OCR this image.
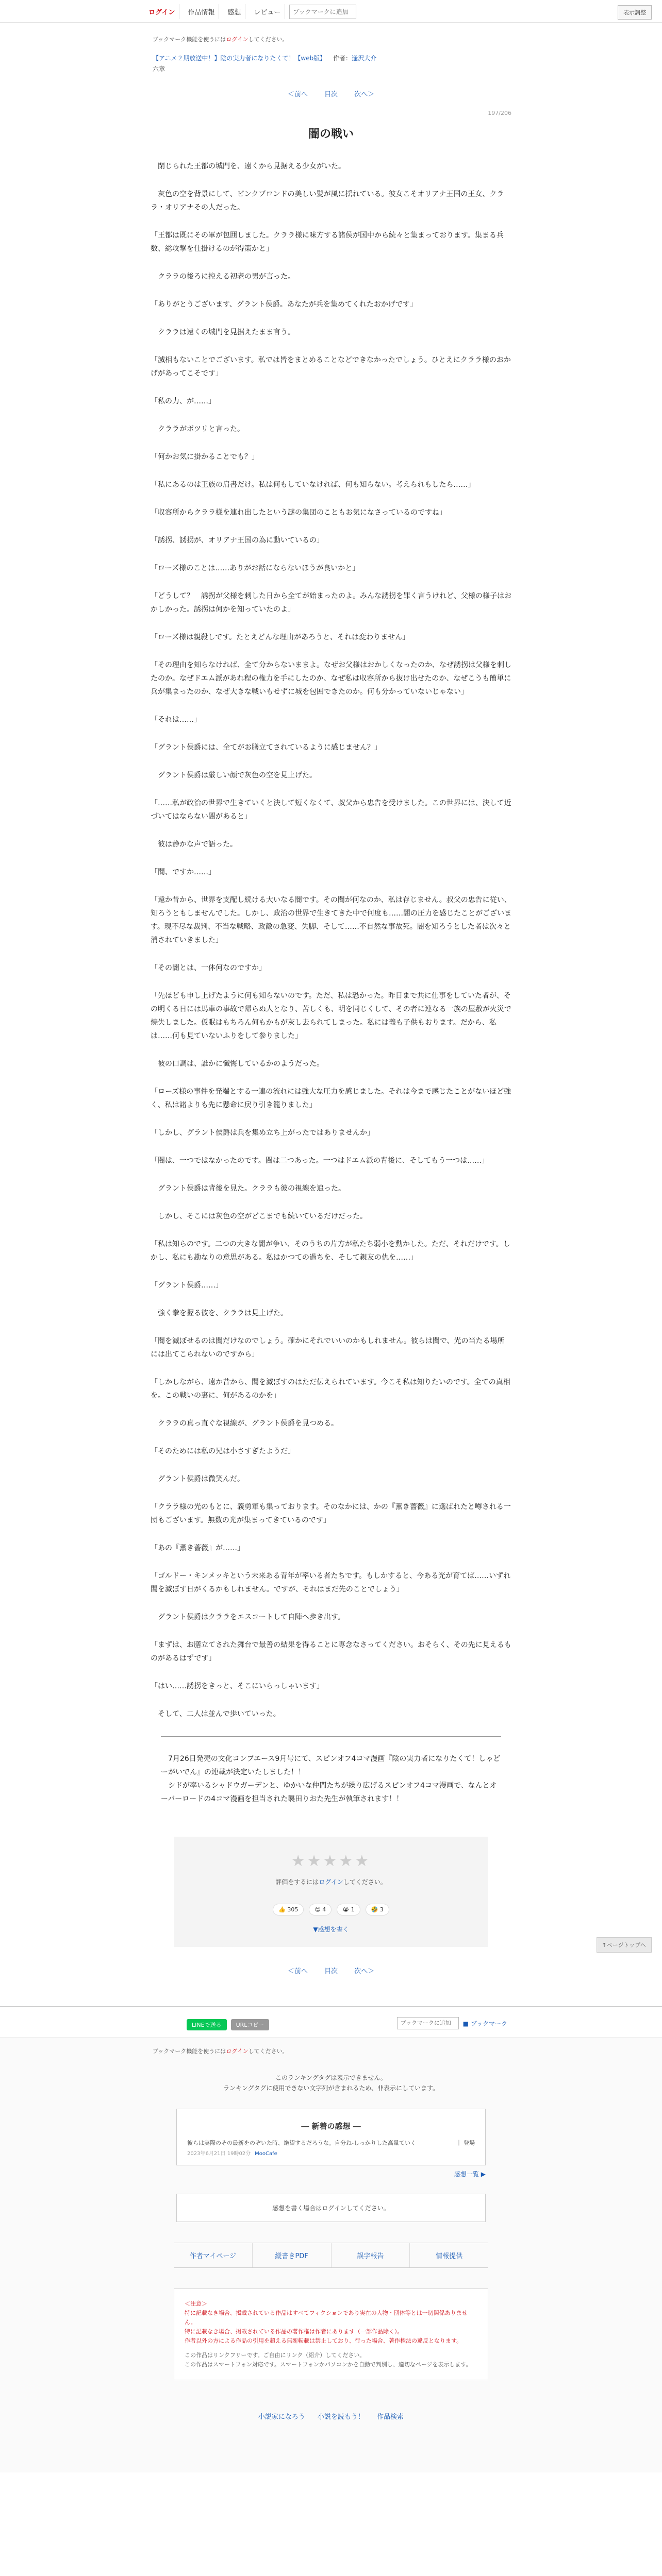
ログイン	作品情報	感想	レビュー
ブックマークに追加	表示調整
ブックマーク機能を使うにはログインしてください。
【アニメ２期放送中！】陰の実力者になりたくて！【web版】 作者：逢沢大介
六章
＜前へ 目次 次へ＞
197/206
闇の戦い

　閉じられた王都の城門を、遠くから見据える少女がいた。

　灰色の空を背景にして、ピンクブロンドの美しい髪が風に揺れている。彼女こそオリアナ王国の王女、クララ・オリアナその人だった。

「王都は既にその軍が包囲しました。クララ様に味方する諸侯が国中から続々と集まっております。集まる兵数、総攻撃を仕掛けるのが得策かと」

　クララの後ろに控える初老の男が言った。

「ありがとうございます、グラント侯爵。あなたが兵を集めてくれたおかげです」

　クララは遠くの城門を見据えたまま言う。

「滅相もないことでございます。私では皆をまとめることなどできなかったでしょう。ひとえにクララ様のおかげがあってこそです」

「私の力、が……」

　クララがポツリと言った。

「何かお気に掛かることでも？」

「私にあるのは王族の肩書だけ。私は何もしていなければ、何も知らない。考えられもしたら……」

「収容所からクララ様を連れ出したという謎の集団のこともお気になさっているのですね」

「誘拐、誘拐が、オリアナ王国の為に動いているの」

「ローズ様のことは……ありがお話にならないほうが良いかと」

「どうして？　誘拐が父様を刺した日から全てが始まったのよ。みんな誘拐を罪く言うけれど、父様の様子はおかしかった。誘拐は何かを知っていたのよ」

「ローズ様は親殺しです。たとえどんな理由があろうと、それは変わりません」

「その理由を知らなければ、全て分からないままよ。なぜお父様はおかしくなったのか、なぜ誘拐は父様を刺したのか。なぜドエム派があれ程の権力を手にしたのか、なぜ私は収容所から抜け出せたのか、なぜこうも簡単に兵が集まったのか、なぜ大きな戦いもせずに城を包囲できたのか。何も分かっていないじゃない」

「それは……」

「グラント侯爵には、全てがお膳立てされているように感じません？」

　グラント侯爵は厳しい顔で灰色の空を見上げた。

「……私が政治の世界で生きていくと決して短くなくて、叔父から忠告を受けました。この世界には、決して近づいてはならない闇があると」

　彼は静かな声で語った。

「闇、ですか……」

「遠か昔から、世界を支配し続ける大いなる闇です。その闇が何なのか、私は存じません。叔父の忠告に従い、知ろうともしませんでした。しかし、政治の世界で生きてきた中で何度も……闇の圧力を感じたことがございます。現不尽な裁判、不当な戦略、政敵の急変、失脚、そして……不自然な事故死。闇を知ろうとした者は次々と消されていきました」

「その闇とは、一体何なのですか」

「先ほども申し上げたように何も知らないのです。ただ、私は恐かった。昨日まで共に仕事をしていた者が、その明くる日には馬車の事故で帰らぬ人となり、苦しくも、明を同じくして、その者に連なる一族の屋敷が火災で焼失しました。仮眠はもちろん何もかもが灰し去られてしまった。私には義も子供もおります。だから、私は……何も見ていないふりをして参りました」

　彼の口調は、誰かに懺悔しているかのようだった。

「ローズ様の事件を発端とする一連の流れには強大な圧力を感じました。それは今まで感じたことがないほど強く、私は諸よりも先に懸命に戻り引き籠りました」

「しかし、グラント侯爵は兵を集め立ち上がったではありませんか」

「闇は、一つではなかったのです。闇は二つあった。一つはドエム派の背後に、そしてもう一つは……」

　グラント侯爵は背後を見た。クララも彼の視線を追った。

　しかし、そこには灰色の空がどこまでも続いているだけだった。

「私は知らのです。二つの大きな闇が争い、そのうちの片方が私たち弱小を動かした。ただ、それだけです。しかし、私にも勘なりの意思がある。私はかつての過ちを、そして親友の仇を……」

「グラント侯爵……」

　強く拳を握る彼を、クララは見上げた。

「闇を滅ぼせるのは闇だけなのでしょう。確かにそれでいいのかもしれません。彼らは闇で、光の当たる場所には出てこられないのですから」

「しかしながら、遠か昔から、闇を滅ぼすのはただ伝えられています。今こそ私は知りたいのです。全ての真相を。この戦いの裏に、何があるのかを」

　クララの真っ直ぐな視線が、グラント侯爵を見つめる。

「そのためには私の兄は小さすぎたようだ」

　グラント侯爵は微笑んだ。

「クララ様の光のもとに、義勇軍も集っております。そのなかには、かの『薫き薔薇』に選ばれたと噂される一団もございます。無数の光が集まってきているのです」

「あの『薫き薔薇』が……」

「ゴルドー・キンメッキという未来ある青年が率いる者たちです。もしかすると、今ある光が育てば……いずれ闇を滅ぼす日がくるかもしれません。ですが、それはまだ先のことでしょう」

　グラント侯爵はクララをエスコートして自陣へ歩き出す。

「まずは、お膳立てされた舞台で最善の結果を得ることに専念なさってください。おそらく、その先に見えるものがあるはずです」

「はい……誘拐をきっと、そこにいらっしゃいます」

　そして、二人は並んで歩いていった。

　7月26日発売の文化コンプエース9月号にて、スピンオフ4コマ漫画『陰の実力者になりたくて！しゃどーがいでん』の連載が決定いたしました！！

　シドが率いるシャドウガーデンと、ゆかいな仲間たちが繰り広げるスピンオフ4コマ漫画で、なんとオーバーロードの4コマ漫画を担当された襲田りおた先生が執筆されます！！

★★★★★
評価をするにはログインしてください。
👍 305	😊 4	😭 1	🤣 3
▼感想を書く
＜前へ 目次 次へ＞
↑ページトップへ
LINEで送る	URLコピー
ブックマークに追加	■ ブックマーク
ブックマーク機能を使うにはログインしてください。
このランキングタグは表示できません。
ランキングタグに使用できない文字列が含まれるため、非表示にしています。
― 新着の感想 ―
彼らは実際のその最新をのぞいた時、絶望するだろうな。自分ね-しっかりした高量ていく	｜ 登場
2023年6月21日 19時02分 MooCafe
感想一覧 ▶
感想を書く場合はログインしてください。
作者マイページ	縦書きPDF	誤字報告	情報提供
＜注意＞
特に記載なき場合、掲載されている作品はすべてフィクションであり実在の人物・団体等とは一切関係ありません。
特に記載なき場合、掲載されている作品の著作権は作者にあります（一部作品除く）。
作者以外の方による作品の引用を超える無断転載は禁止しており、行った場合、著作権法の違反となります。
この作品はリンクフリーです。ご自由にリンク（紹介）してください。
この作品はスマートフォン対応です。スマートフォンかパソコンかを自動で判別し、適切なページを表示します。
小説家になろう 小説を読もう！ 作品検索
